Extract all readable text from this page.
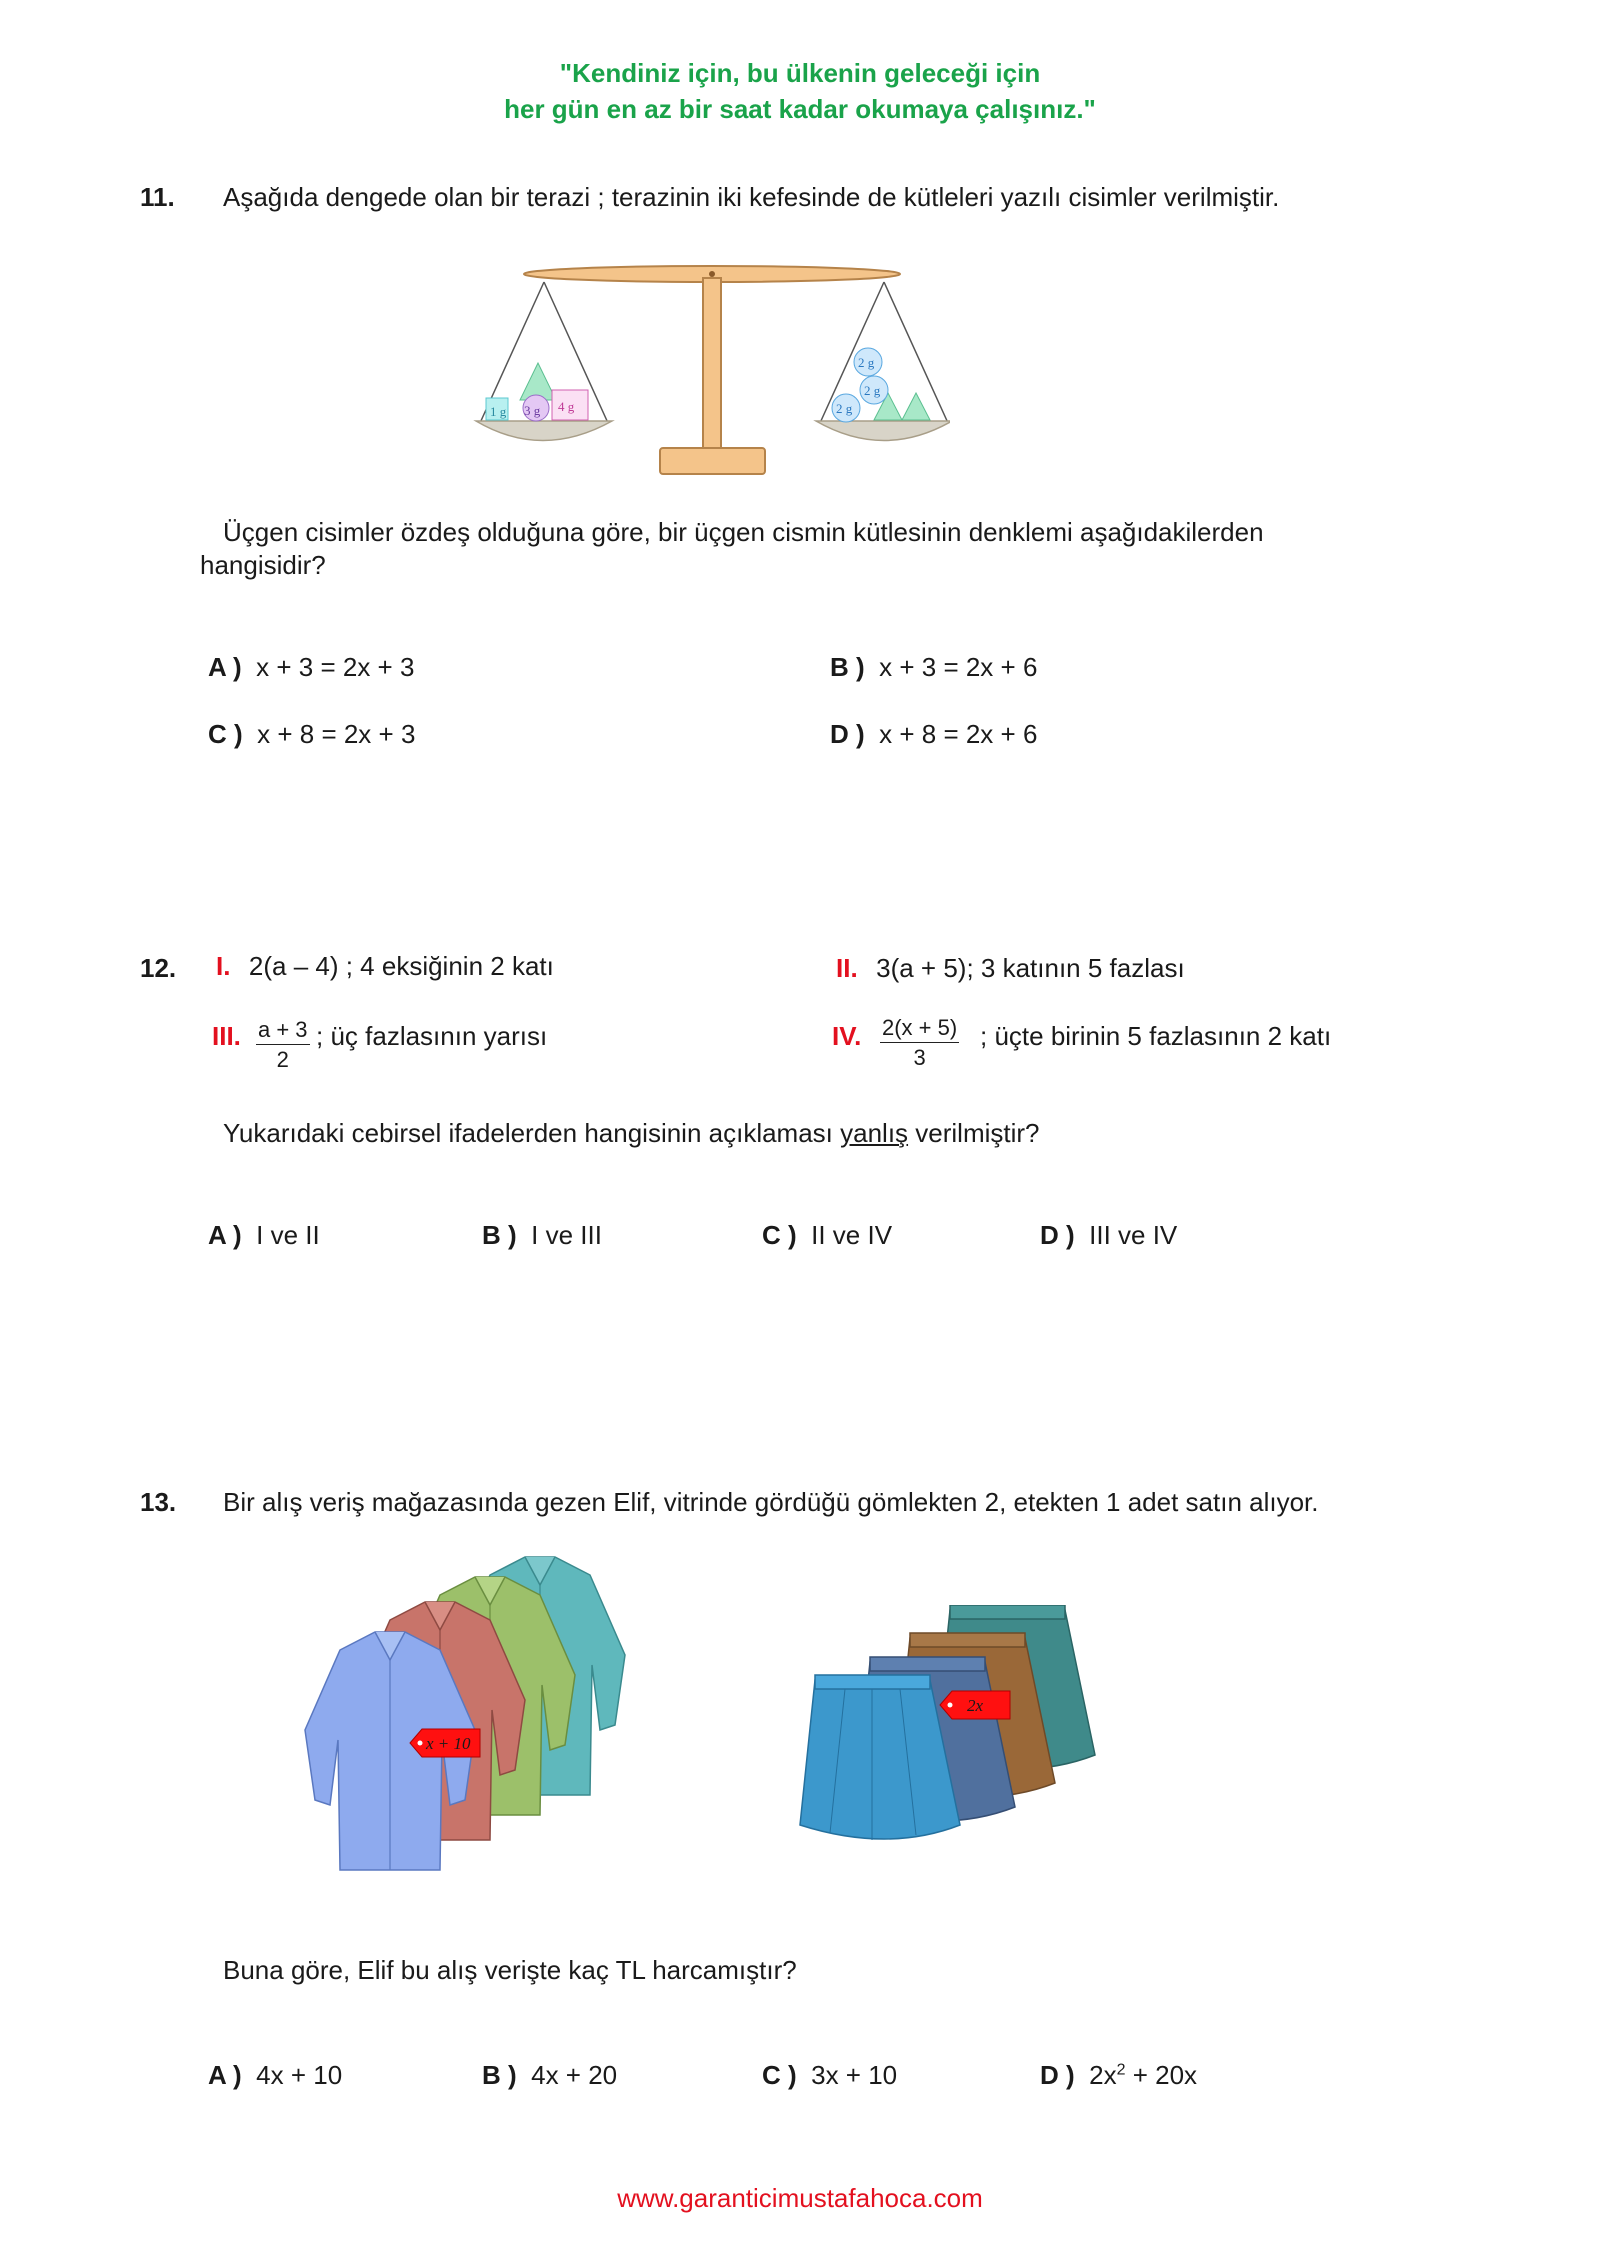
"Kendiniz için, bu ülkenin geleceği için
her gün en az bir saat kadar okumaya çalışınız."
11. Aşağıda dengede olan bir terazi ; terazinin iki kefesinde de kütleleri yazılı cisimler verilmiştir.
1 g 3 g 4 g	2 g
2 g
2 g
Üçgen cisimler özdeş olduğuna göre, bir üçgen cismin kütlesinin denklemi aşağıdakilerden
hangisidir?
A ) x + 3 = 2x + 3	B ) x + 3 = 2x + 6
C ) x + 8 = 2x + 3	D ) x + 8 = 2x + 6
12. I. 2(a – 4) ; 4 eksiğinin 2 katı	II. 3(a + 5); 3 katının 5 fazlası
III. $\frac{a + 3}{2}$ ; üç fazlasının yarısı	IV. $\frac{2(x + 5)}{3}$ ; üçte birinin 5 fazlasının 2 katı
Yukarıdaki cebirsel ifadelerden hangisinin açıklaması yanlış verilmiştir?
A ) I ve II	B ) I ve III	C ) II ve IV	D ) III ve IV
13. Bir alış veriş mağazasında gezen Elif, vitrinde gördüğü gömlekten 2, etekten 1 adet satın alıyor.
x + 10
2x
Buna göre, Elif bu alış verişte kaç TL harcamıştır?
A ) 4x + 10	B ) 4x + 20	C ) 3x + 10	D ) $2x^2 + 20x$
www.garanticimustafahoca.com
